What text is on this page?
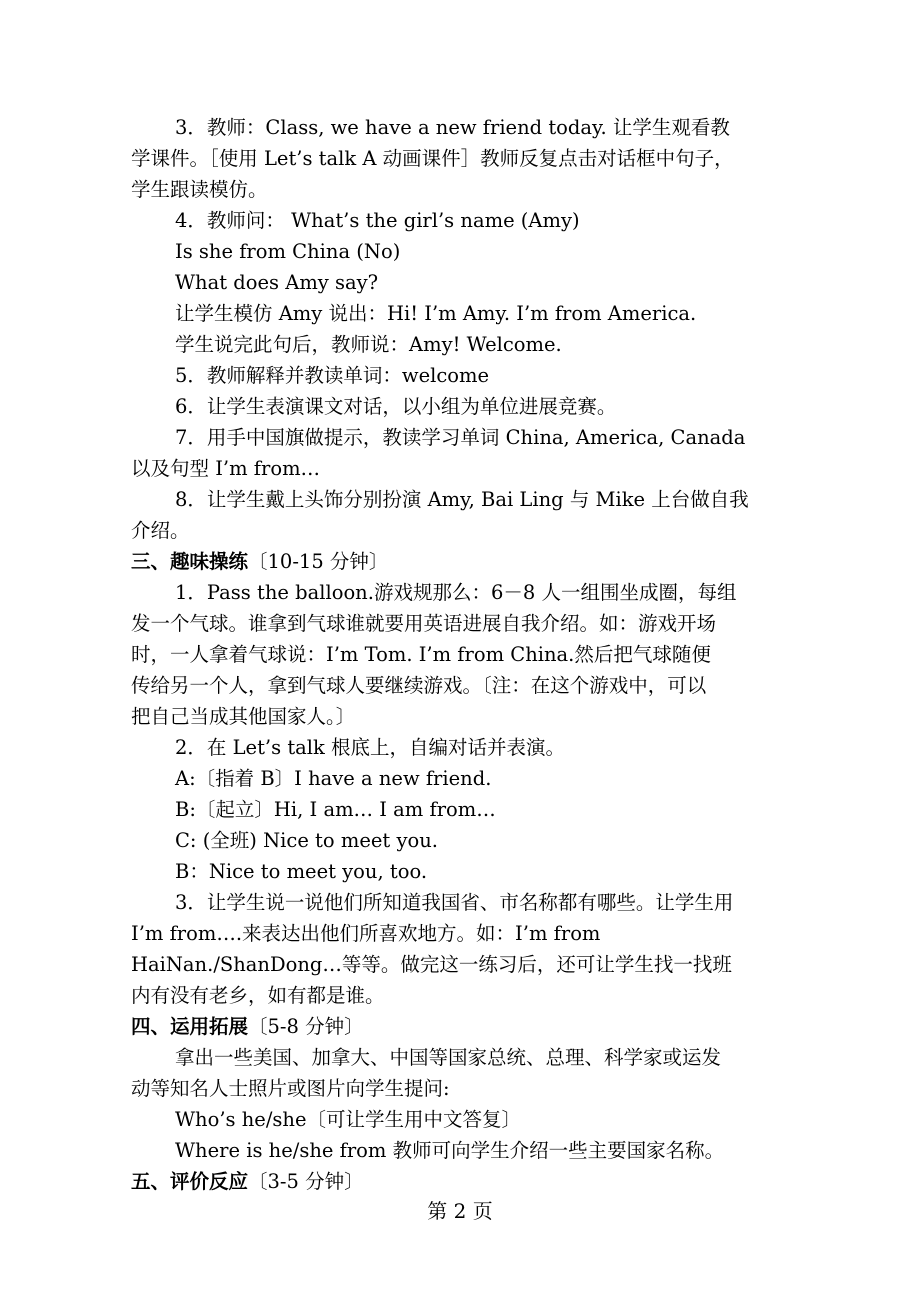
3．教师：Class, we have a new friend today. 让学生观看教
学课件。［使用 Let’s talk A 动画课件］教师反复点击对话框中句子，
学生跟读模仿。
4．教师问： What’s the girl’s name (Amy)
Is she from China (No)
What does Amy say?
让学生模仿 Amy 说出：Hi! I’m Amy. I’m from America.
学生说完此句后，教师说：Amy! Welcome.
5．教师解释并教读单词：welcome
6．让学生表演课文对话，以小组为单位进展竞赛。
7．用手中国旗做提示，教读学习单词 China, America, Canada
以及句型 I’m from…
8．让学生戴上头饰分别扮演 Amy, Bai Ling 与 Mike 上台做自我
介绍。
三、趣味操练〔10-15 分钟〕
1．Pass the balloon.游戏规那么：6－8 人一组围坐成圈，每组
发一个气球。谁拿到气球谁就要用英语进展自我介绍。如：游戏开场
时，一人拿着气球说：I’m Tom. I’m from China.然后把气球随便
传给另一个人，拿到气球人要继续游戏。〔注：在这个游戏中，可以
把自己当成其他国家人。〕
2．在 Let’s talk 根底上，自编对话并表演。
A:〔指着 B〕I have a new friend.
B:〔起立〕Hi, I am… I am from…
C: (全班) Nice to meet you.
B：Nice to meet you, too.
3．让学生说一说他们所知道我国省、市名称都有哪些。让学生用
I’m from….来表达出他们所喜欢地方。如：I’m from
HaiNan./ShanDong…等等。做完这一练习后，还可让学生找一找班
内有没有老乡，如有都是谁。
四、运用拓展〔5-8 分钟〕
拿出一些美国、加拿大、中国等国家总统、总理、科学家或运发
动等知名人士照片或图片向学生提问:
Who’s he/she〔可让学生用中文答复〕
Where is he/she from 教师可向学生介绍一些主要国家名称。
五、评价反应〔3-5 分钟〕
第 2 页
